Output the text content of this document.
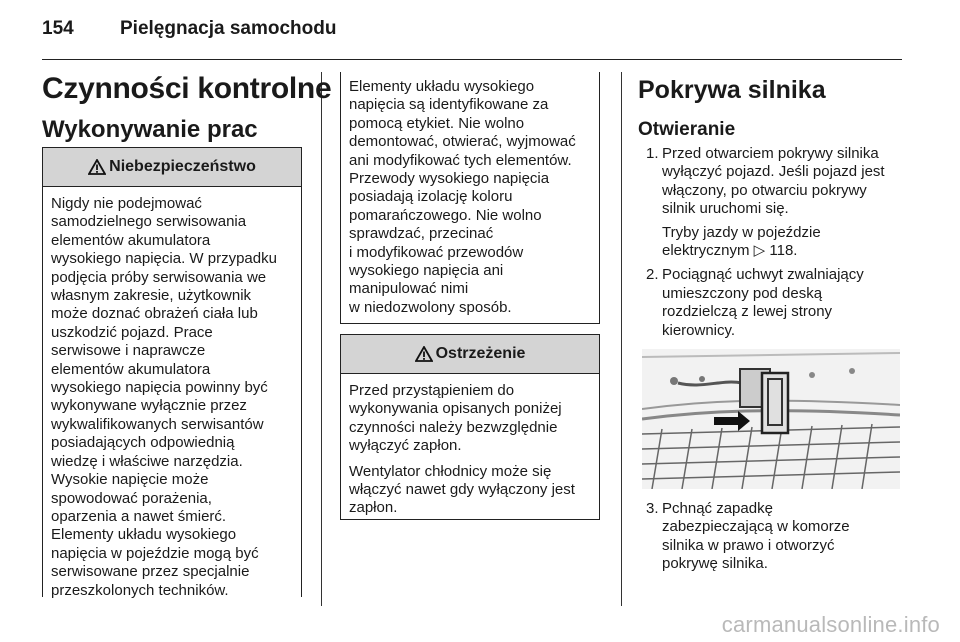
154 Pielęgnacja samochodu
Czynności kontrolne
Wykonywanie prac
Niebezpieczeństwo

Nigdy nie podejmować
samodzielnego serwisowania
elementów akumulatora
wysokiego napięcia. W przypadku
podjęcia próby serwisowania we
własnym zakresie, użytkownik
może doznać obrażeń ciała lub
uszkodzić pojazd. Prace
serwisowe i naprawcze
elementów akumulatora
wysokiego napięcia powinny być
wykonywane wyłącznie przez
wykwalifikowanych serwisantów
posiadających odpowiednią
wiedzę i właściwe narzędzia.
Wysokie napięcie może
spowodować porażenia,
oparzenia a nawet śmierć.
Elementy układu wysokiego
napięcia w pojeździe mogą być
serwisowane przez specjalnie
przeszkolonych techników.

Elementy układu wysokiego
napięcia są identyfikowane za
pomocą etykiet. Nie wolno
demontować, otwierać, wyjmować
ani modyfikować tych elementów.
Przewody wysokiego napięcia
posiadają izolację koloru
pomarańczowego. Nie wolno
sprawdzać, przecinać
i modyfikować przewodów
wysokiego napięcia ani
manipulować nimi
w niedozwolony sposób.

Ostrzeżenie

Przed przystąpieniem do
wykonywania opisanych poniżej
czynności należy bezwzględnie
wyłączyć zapłon.

Wentylator chłodnicy może się
włączyć nawet gdy wyłączony jest
zapłon.

Pokrywa silnika
Otwieranie
1. Przed otwarciem pokrywy silnika
wyłączyć pojazd. Jeśli pojazd jest
włączony, po otwarciu pokrywy
silnik uruchomi się.
Tryby jazdy w pojeździe
elektrycznym ▷ 118.
2. Pociągnąć uchwyt zwalniający
umieszczony pod deską
rozdzielczą z lewej strony
kierownicy.
3. Pchnąć zapadkę
zabezpieczającą w komorze
silnika w prawo i otworzyć
pokrywę silnika.
carmanualsonline.info
